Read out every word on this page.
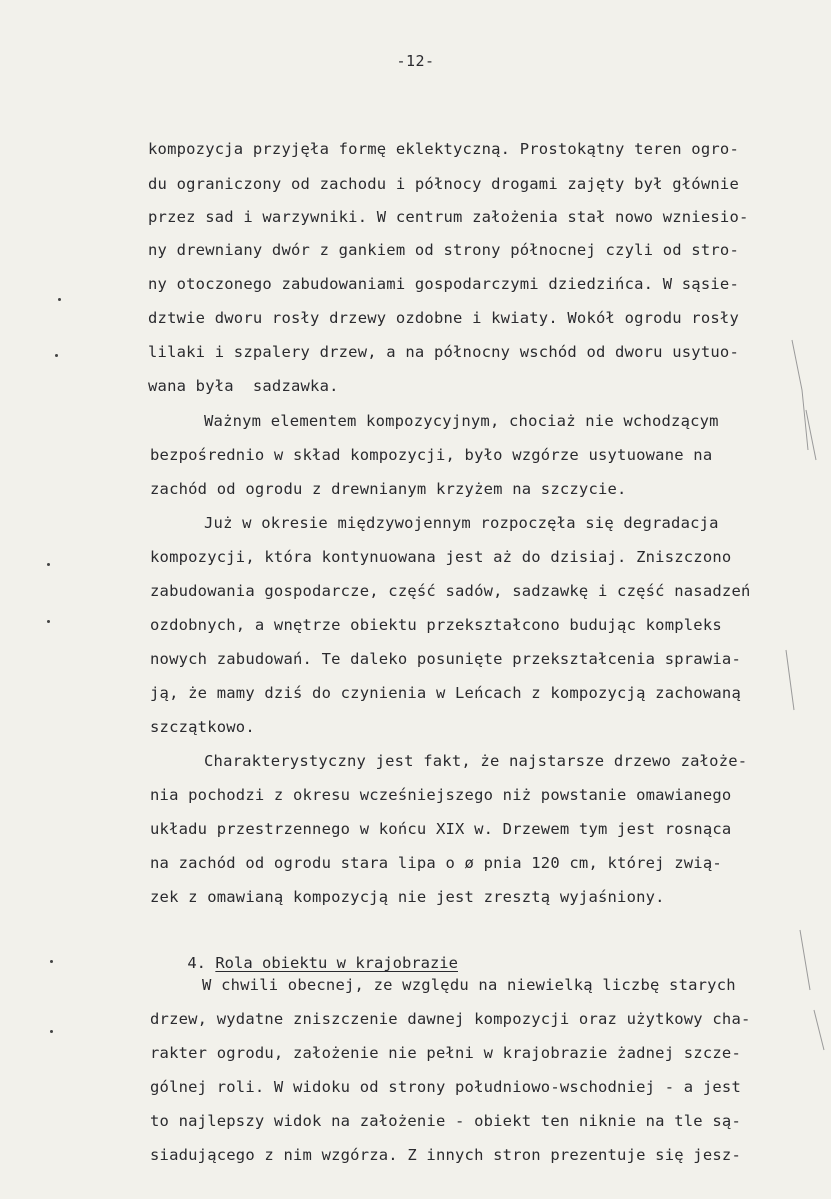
-12-
kompozycja przyjęła formę eklektyczną. Prostokątny teren ogro-
du ograniczony od zachodu i północy drogami zajęty był głównie
przez sad i warzywniki. W centrum założenia stał nowo wzniesio-
ny drewniany dwór z gankiem od strony północnej czyli od stro-
ny otoczonego zabudowaniami gospodarczymi dziedzińca. W sąsie-
dztwie dworu rosły drzewy ozdobne i kwiaty. Wokół ogrodu rosły
lilaki i szpalery drzew, a na północny wschód od dworu usytuo-
wana była  sadzawka.
Ważnym elementem kompozycyjnym, chociaż nie wchodzącym
bezpośrednio w skład kompozycji, było wzgórze usytuowane na
zachód od ogrodu z drewnianym krzyżem na szczycie.
Już w okresie międzywojennym rozpoczęła się degradacja
kompozycji, która kontynuowana jest aż do dzisiaj. Zniszczono
zabudowania gospodarcze, część sadów, sadzawkę i część nasadzeń
ozdobnych, a wnętrze obiektu przekształcono budując kompleks
nowych zabudowań. Te daleko posunięte przekształcenia sprawia-
ją, że mamy dziś do czynienia w Leńcach z kompozycją zachowaną
szczątkowo.
Charakterystyczny jest fakt, że najstarsze drzewo założe-
nia pochodzi z okresu wcześniejszego niż powstanie omawianego
układu przestrzennego w końcu XIX w. Drzewem tym jest rosnąca
na zachód od ogrodu stara lipa o ø pnia 120 cm, której zwią-
zek z omawianą kompozycją nie jest zresztą wyjaśniony.

4. Rola obiektu w krajobrazie

W chwili obecnej, ze względu na niewielką liczbę starych
drzew, wydatne zniszczenie dawnej kompozycji oraz użytkowy cha-
rakter ogrodu, założenie nie pełni w krajobrazie żadnej szcze-
gólnej roli. W widoku od strony południowo-wschodniej - a jest
to najlepszy widok na założenie - obiekt ten niknie na tle są-
siadującego z nim wzgórza. Z innych stron prezentuje się jesz-
